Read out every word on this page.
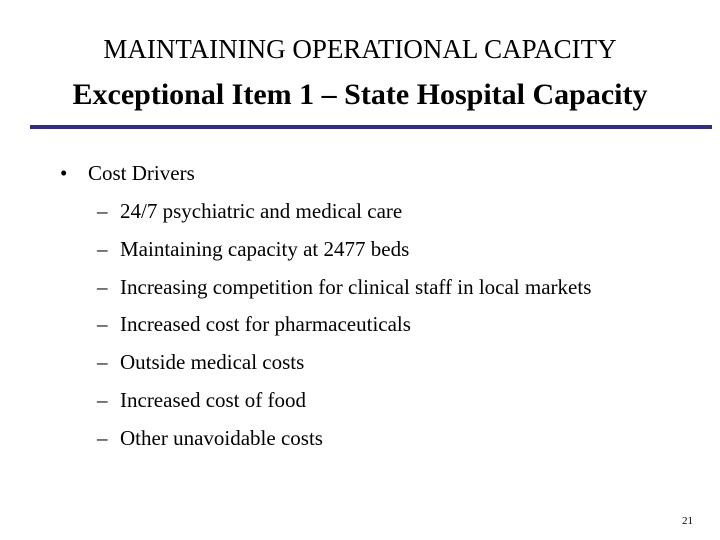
MAINTAINING OPERATIONAL CAPACITY
Exceptional Item 1 – State Hospital Capacity
• Cost Drivers
– 24/7 psychiatric and medical care
– Maintaining capacity at 2477 beds
– Increasing competition for clinical staff in local markets
– Increased cost for pharmaceuticals
– Outside medical costs
– Increased cost of food
– Other unavoidable costs
21
